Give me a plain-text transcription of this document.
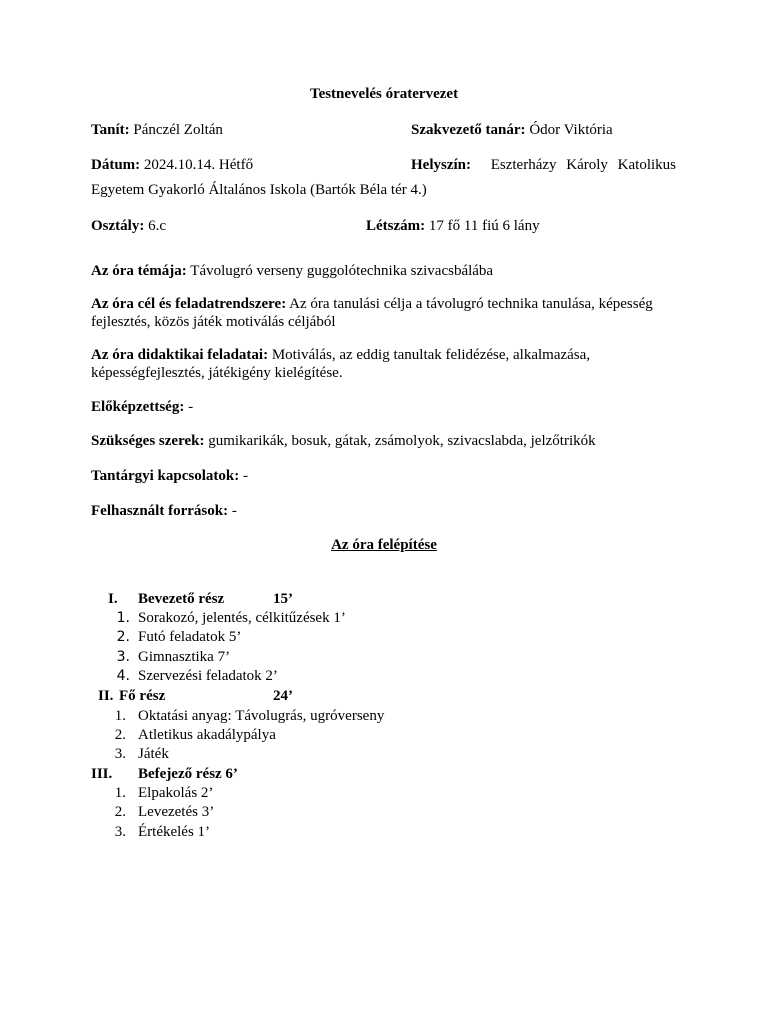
Testnevelés óratervezet
Tanít: Pánczél Zoltán	Szakvezető tanár: Ódor Viktória
Dátum: 2024.10.14. Hétfő	Helyszín: Eszterházy Károly Katolikus
Egyetem Gyakorló Általános Iskola (Bartók Béla tér 4.)
Osztály: 6.c	Létszám: 17 fő 11 fiú 6 lány
Az óra témája: Távolugró verseny guggolótechnika szivacsbálába
Az óra cél és feladatrendszere: Az óra tanulási célja a távolugró technika tanulása, képesség fejlesztés, közös játék motiválás céljából
Az óra didaktikai feladatai: Motiválás, az eddig tanultak felidézése, alkalmazása, képességfejlesztés, játékigény kielégítése.
Előképzettség: -
Szükséges szerek: gumikarikák, bosuk, gátak, zsámolyok, szivacslabda, jelzőtrikók
Tantárgyi kapcsolatok: -
Felhasznált források: -
Az óra felépítése
I. Bevezető rész	15’
1. Sorakozó, jelentés, célkitűzések 1’
2. Futó feladatok 5’
3. Gimnasztika 7’
4. Szervezési feladatok 2’
II. Fő rész	24’
1. Oktatási anyag: Távolugrás, ugróverseny
2. Atletikus akadálypálya
3. Játék
III. Befejező rész 6’
1. Elpakolás 2’
2. Levezetés 3’
3. Értékelés 1’
